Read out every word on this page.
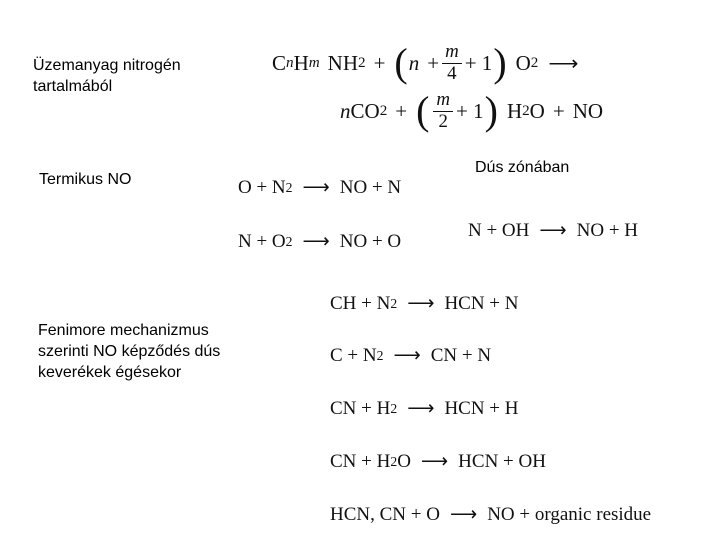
Üzemanyag nitrogén
tartalmából
Termikus NO
Dús zónában
Fenimore mechanizmus
szerinti NO képződés dús
keverékek égésekor
C n H m NH 2 + ( $n + \frac{m}{4} + 1$ ) O 2 ⟶
n CO 2 + ( $\frac{m}{2} + 1$ ) H 2 O + NO
O + N 2 ⟶ NO + N
N + O 2 ⟶ NO + O
N + OH ⟶ NO + H
CH + N 2 ⟶ HCN + N
C + N 2 ⟶ CN + N
CN + H 2 ⟶ HCN + H
CN + H 2 O ⟶ HCN + OH
HCN, CN + O ⟶ NO + organic residue
